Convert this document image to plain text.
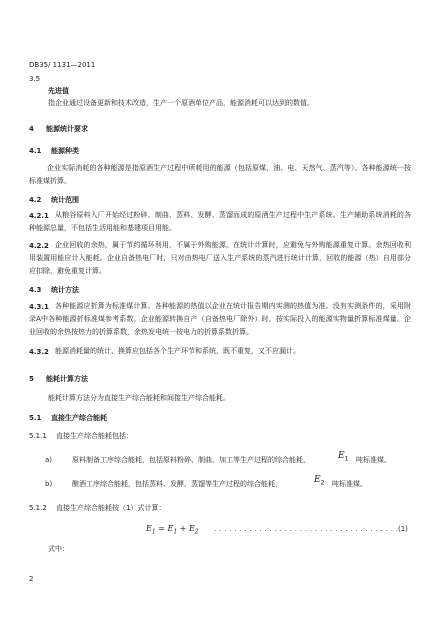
DB35/ 1131—2011
3.5
先进值
指企业通过设备更新和技术改造，生产一个原酒单位产品，能源消耗可以达到的数值。
4 能源统计要求
4.1 能源种类
企业实际消耗的各种能源是指原酒生产过程中所耗用的能源（包括原煤、油、电、天然气、蒸汽等）。各种能源统一按标准煤折算。
4.2 统计范围
4.2.1 从粮谷原料入厂开始经过粉碎、制曲、蒸料、发酵、蒸馏而成的原酒生产过程中生产系统、生产辅助系统消耗的各种能源总量，不包括生活用能和基建项目用能。
4.2.2 企业回收的余热，属于节约循环利用，不属于外购能源。在统计计算时，应避免与外购能源重复计算。余热回收利用装置用能应计入能耗。企业自备热电厂时，只对由热电厂送入生产系统的蒸汽进行统计计算，回收的能源（热）自用部分应扣除，避免重复计算。
4.3 统计方法
4.3.1 各种能源应折算为标准煤计算。各种能源的热值以企业在统计报告期内实测的热值为准。没有实测条件的，采用附录A中各种能源折标准煤参考系数。企业能源转换自产（自备热电厂除外）时，按实际投入的能源实物量折算标准煤量。企业回收的余热按热力的折算系数，余热发电统一按电力的折算系数折算。
4.3.2 能源消耗量的统计、换算应包括各个生产环节和系统，既不重复，又不应漏计。
5 能耗计算方法
能耗计算方法分为直接生产综合能耗和间接生产综合能耗。
5.1 直接生产综合能耗
5.1.1 直接生产综合能耗包括：
a)	原料制备工序综合能耗，包括原料粉碎、制曲、加工等生产过程的综合能耗，	$E_1$ 吨标准煤。
b)	酿酒工序综合能耗，包括蒸料、发酵、蒸馏等生产过程的综合能耗，	$E_2$ 吨标准煤。
5.1.2 直接生产综合能耗按（1）式计算：
$E_1 = E_1 + E_2$ . . . . . . . . . . . . . . . . . . . . . . . . . . . . . . . . . . . . . (1)
式中：
2
